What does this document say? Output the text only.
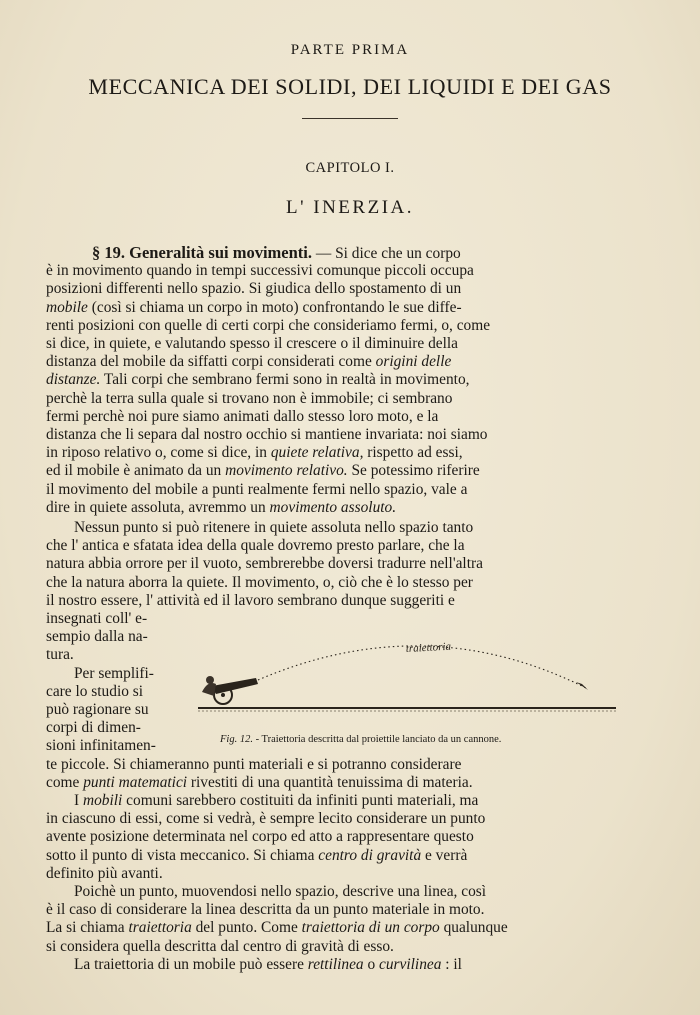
PARTE PRIMA
MECCANICA DEI SOLIDI, DEI LIQUIDI E DEI GAS
CAPITOLO I.
L' INERZIA.
§ 19. Generalità sui movimenti. — Si dice che un corpo
è in movimento quando in tempi successivi comunque piccoli occupa
posizioni differenti nello spazio. Si giudica dello spostamento di un
mobile (così si chiama un corpo in moto) confrontando le sue diffe-
renti posizioni con quelle di certi corpi che consideriamo fermi, o, come
si dice, in quiete, e valutando spesso il crescere o il diminuire della
distanza del mobile da siffatti corpi considerati come origini delle
distanze. Tali corpi che sembrano fermi sono in realtà in movimento,
perchè la terra sulla quale si trovano non è immobile; ci sembrano
fermi perchè noi pure siamo animati dallo stesso loro moto, e la
distanza che li separa dal nostro occhio si mantiene invariata: noi siamo
in riposo relativo o, come si dice, in quiete relativa, rispetto ad essi,
ed il mobile è animato da un movimento relativo. Se potessimo riferire
il movimento del mobile a punti realmente fermi nello spazio, vale a
dire in quiete assoluta, avremmo un movimento assoluto.
Nessun punto si può ritenere in quiete assoluta nello spazio tanto
che l' antica e sfatata idea della quale dovremo presto parlare, che la
natura abbia orrore per il vuoto, sembrerebbe doversi tradurre nell'altra
che la natura aborra la quiete. Il movimento, o, ciò che è lo stesso per
il nostro essere, l' attività ed il lavoro sembrano dunque suggeriti e
insegnati coll' e-
sempio dalla na-
tura.
Per semplifi-
care lo studio si
può ragionare su
corpi di dimen-
sioni infinitamen-
te piccole. Si chiameranno punti materiali e si potranno considerare
come punti matematici rivestiti di una quantità tenuissima di materia.
I mobili comuni sarebbero costituiti da infiniti punti materiali, ma
in ciascuno di essi, come si vedrà, è sempre lecito considerare un punto
avente posizione determinata nel corpo ed atto a rappresentare questo
sotto il punto di vista meccanico. Si chiama centro di gravità e verrà
definito più avanti.
Poichè un punto, muovendosi nello spazio, descrive una linea, così
è il caso di considerare la linea descritta da un punto materiale in moto.
La si chiama traiettoria del punto. Come traiettoria di un corpo qualunque
si considera quella descritta dal centro di gravità di esso.
La traiettoria di un mobile può essere rettilinea o curvilinea : il
traiettoria
Fig. 12. - Traiettoria descritta dal proiettile lanciato da un cannone.
